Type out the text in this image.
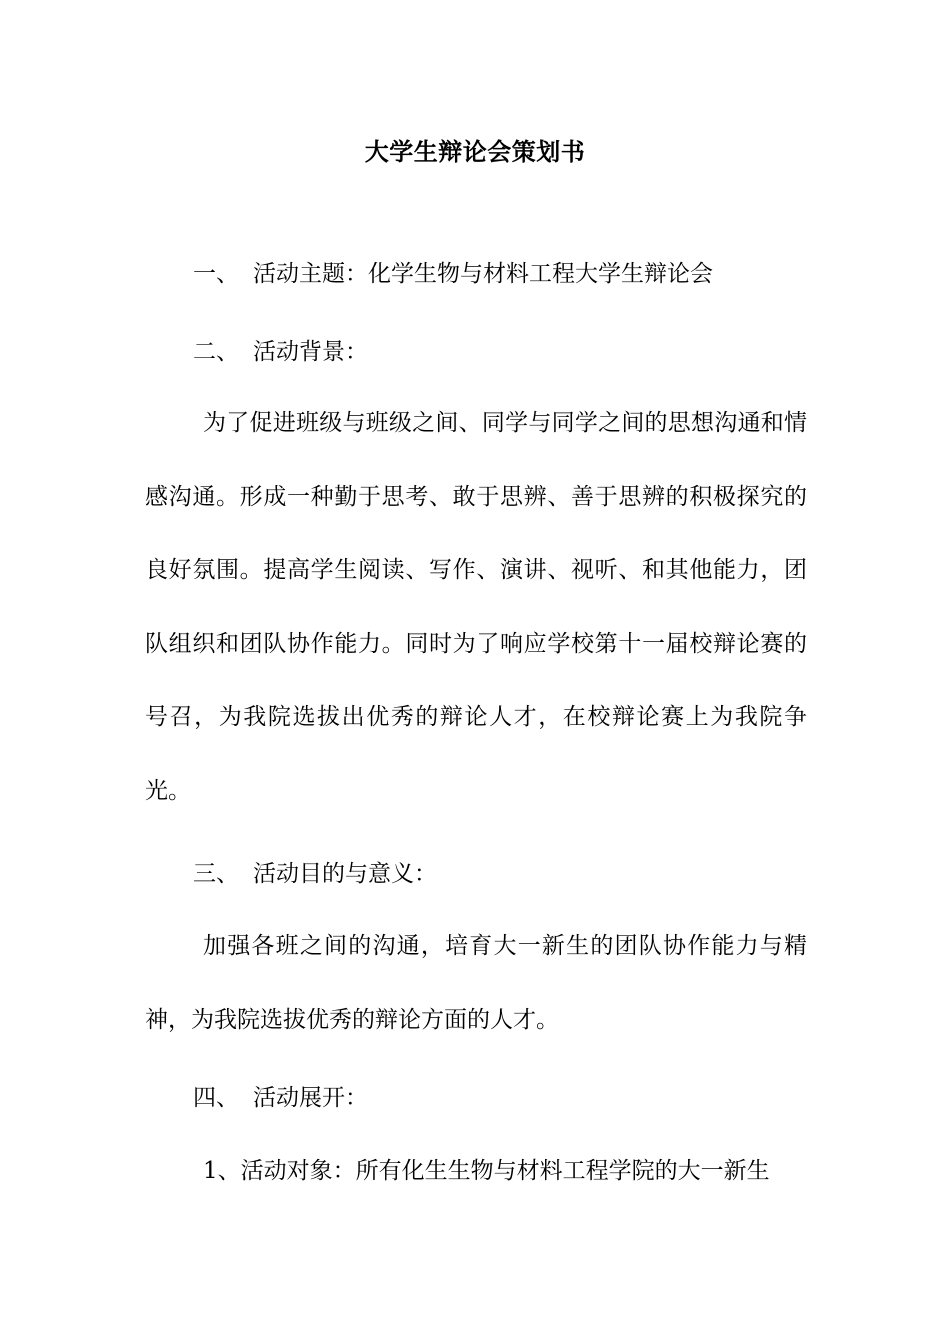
大学生辩论会策划书
一、 活动主题：化学生物与材料工程大学生辩论会
二、 活动背景：
为了促进班级与班级之间、同学与同学之间的思想沟通和情感沟通。形成一种勤于思考、敢于思辨、善于思辨的积极探究的良好氛围。提高学生阅读、写作、演讲、视听、和其他能力，团队组织和团队协作能力。同时为了响应学校第十一届校辩论赛的号召，为我院选拔出优秀的辩论人才，在校辩论赛上为我院争光。
三、 活动目的与意义：
加强各班之间的沟通，培育大一新生的团队协作能力与精神，为我院选拔优秀的辩论方面的人才。
四、 活动展开：
1、活动对象：所有化生生物与材料工程学院的大一新生
